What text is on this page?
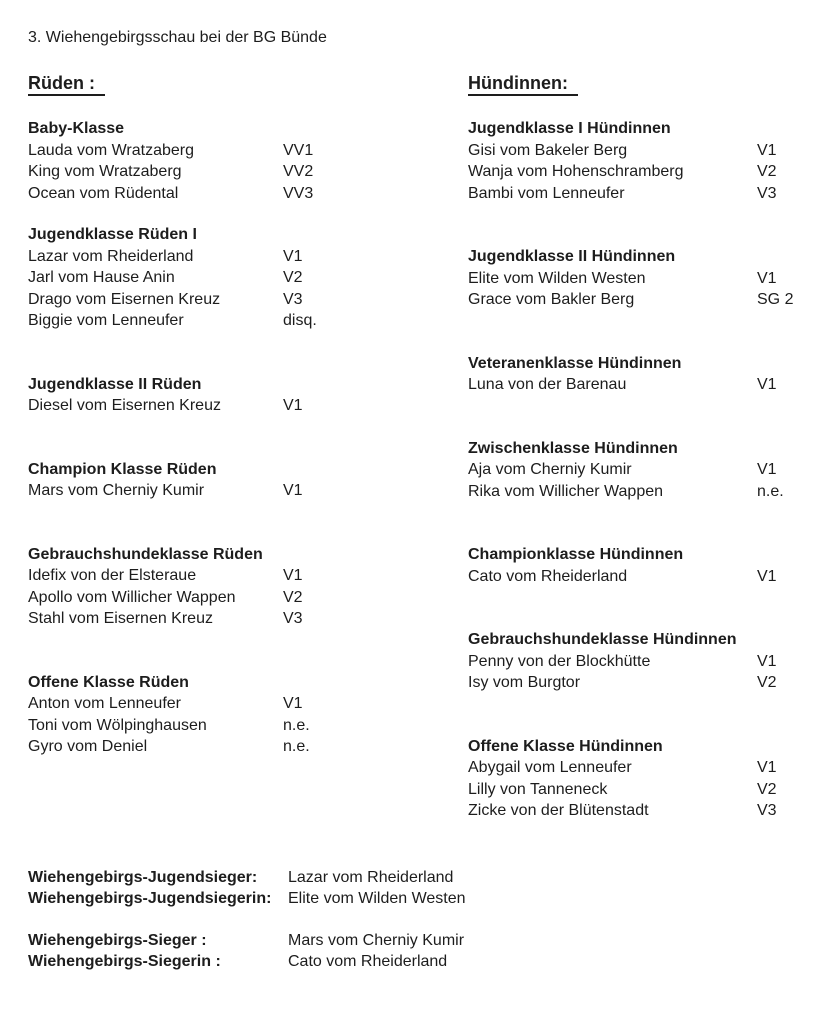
3. Wiehengebirgsschau bei der BG Bünde
Rüden :
Baby-Klasse
Lauda vom Wratzaberg	VV1
King vom Wratzaberg	VV2
Ocean vom Rüdental	VV3
Jugendklasse Rüden I
Lazar vom Rheiderland	V1
Jarl vom Hause Anin	V2
Drago vom Eisernen Kreuz	V3
Biggie vom Lenneufer	disq.
Jugendklasse II Rüden
Diesel vom Eisernen Kreuz	V1
Champion Klasse Rüden
Mars vom Cherniy Kumir	V1
Gebrauchshundeklasse Rüden
Idefix von der Elsteraue	V1
Apollo vom Willicher Wappen	V2
Stahl vom Eisernen Kreuz	V3
Offene Klasse Rüden
Anton vom Lenneufer	V1
Toni vom Wölpinghausen	n.e.
Gyro vom Deniel	n.e.
Hündinnen:
Jugendklasse I Hündinnen
Gisi vom Bakeler Berg	V1
Wanja vom Hohenschramberg	V2
Bambi vom Lenneufer	V3
Jugendklasse II Hündinnen
Elite vom Wilden Westen	V1
Grace vom Bakler Berg	SG 2
Veteranenklasse Hündinnen
Luna von der Barenau	V1
Zwischenklasse Hündinnen
Aja vom Cherniy Kumir	V1
Rika vom Willicher Wappen	n.e.
Championklasse Hündinnen
Cato vom Rheiderland	V1
Gebrauchshundeklasse Hündinnen
Penny von der Blockhütte	V1
Isy vom Burgtor	V2
Offene Klasse Hündinnen
Abygail vom Lenneufer	V1
Lilly von Tanneneck	V2
Zicke von der Blütenstadt	V3
Wiehengebirgs-Jugendsieger:	Lazar vom Rheiderland
Wiehengebirgs-Jugendsiegerin:	Elite vom Wilden Westen
Wiehengebirgs-Sieger :	Mars vom Cherniy Kumir
Wiehengebirgs-Siegerin :	Cato vom Rheiderland
